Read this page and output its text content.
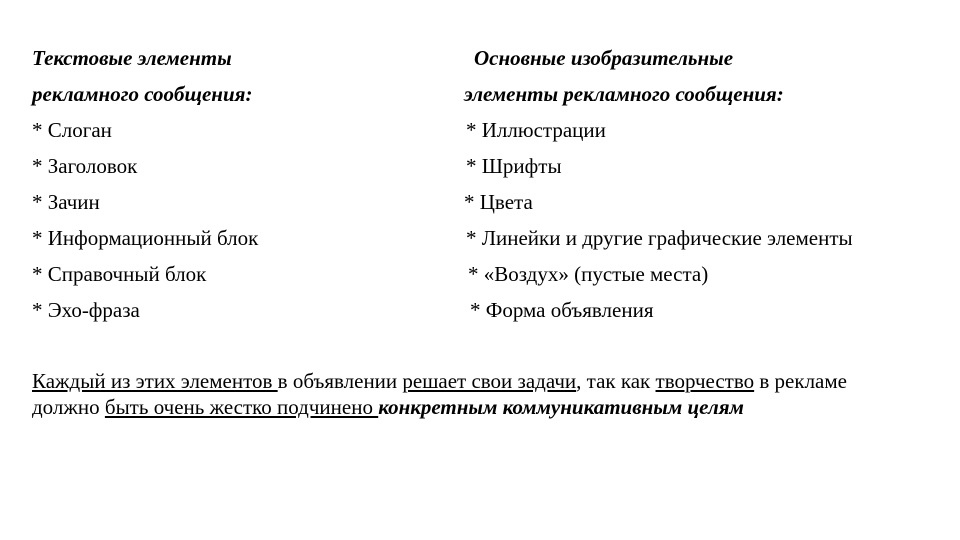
Текстовые элементы
рекламного сообщения:
* Слоган
* Заголовок
* Зачин
* Информационный блок
* Справочный блок
* Эхо-фраза
Основные изобразительные
элементы рекламного сообщения:
* Иллюстрации
* Шрифты
* Цвета
* Линейки и другие графические элементы
* «Воздух» (пустые места)
* Форма объявления
Каждый из этих элементов в объявлении решает свои задачи, так как творчество в рекламе должно быть очень жестко подчинено конкретным коммуникативным целям
